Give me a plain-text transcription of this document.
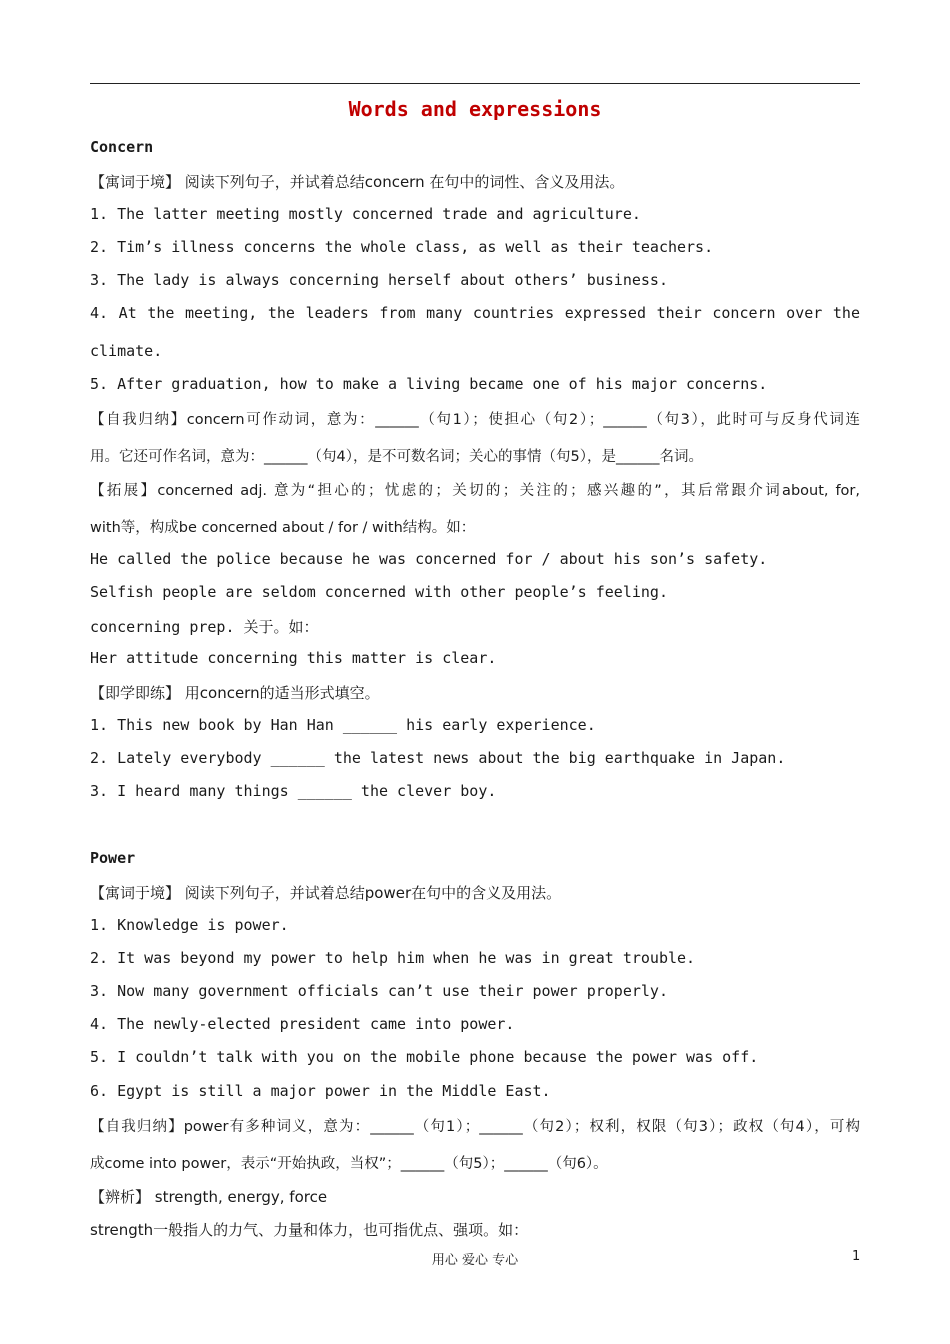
Words and expressions
Concern
【寓词于境】 阅读下列句子，并试着总结concern 在句中的词性、含义及用法。
1. The latter meeting mostly concerned trade and agriculture.
2. Tim’s illness concerns the whole class, as well as their teachers.
3. The lady is always concerning herself about others’ business.
4. At the meeting, the leaders from many countries expressed their concern over the
climate.
5. After graduation, how to make a living became one of his major concerns.
【自我归纳】concern可作动词，意为：______（句1）；使担心（句2）；______（句3），此时可与反身代词连
用。它还可作名词，意为：______（句4），是不可数名词；关心的事情（句5），是______名词。
【拓展】concerned adj. 意为“担心的；忧虑的；关切的；关注的；感兴趣的”，其后常跟介词about, for,
with等，构成be concerned about / for / with结构。如：
He called the police because he was concerned for / about his son’s safety.
Selfish people are seldom concerned with other people’s feeling.
concerning prep. 关于。如：
Her attitude concerning this matter is clear.
【即学即练】 用concern的适当形式填空。
1. This new book by Han Han ______ his early experience.
2. Lately everybody ______ the latest news about the big earthquake in Japan.
3. I heard many things ______ the clever boy.
Power
【寓词于境】 阅读下列句子，并试着总结power在句中的含义及用法。
1. Knowledge is power.
2. It was beyond my power to help him when he was in great trouble.
3. Now many government officials can’t use their power properly.
4. The newly-elected president came into power.
5. I couldn’t talk with you on the mobile phone because the power was off.
6. Egypt is still a major power in the Middle East.
【自我归纳】power有多种词义，意为：______（句1）；______（句2）；权利，权限（句3）；政权（句4），可构
成come into power，表示“开始执政，当权”；______（句5）；______（句6）。
【辨析】 strength, energy, force
strength一般指人的力气、力量和体力，也可指优点、强项。如：
用心 爱心 专心	1
